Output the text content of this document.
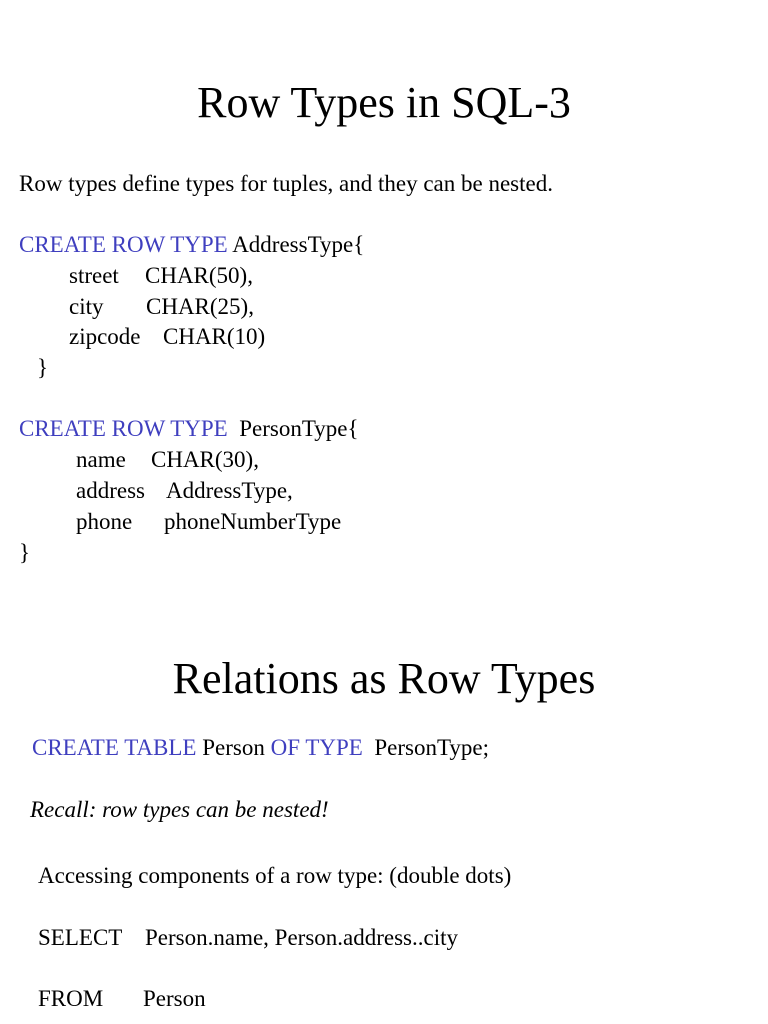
Row Types in SQL-3
Row types define types for tuples, and they can be nested.
CREATE ROW TYPE AddressType{
street CHAR(50),
city CHAR(25),
zipcode CHAR(10)
}
CREATE ROW TYPE  PersonType{
name CHAR(30),
address AddressType,
phone phoneNumberType
}
Relations as Row Types
CREATE TABLE Person OF TYPE  PersonType;
Recall: row types can be nested!
Accessing components of a row type: (double dots)
SELECT Person.name, Person.address..city
FROM Person
